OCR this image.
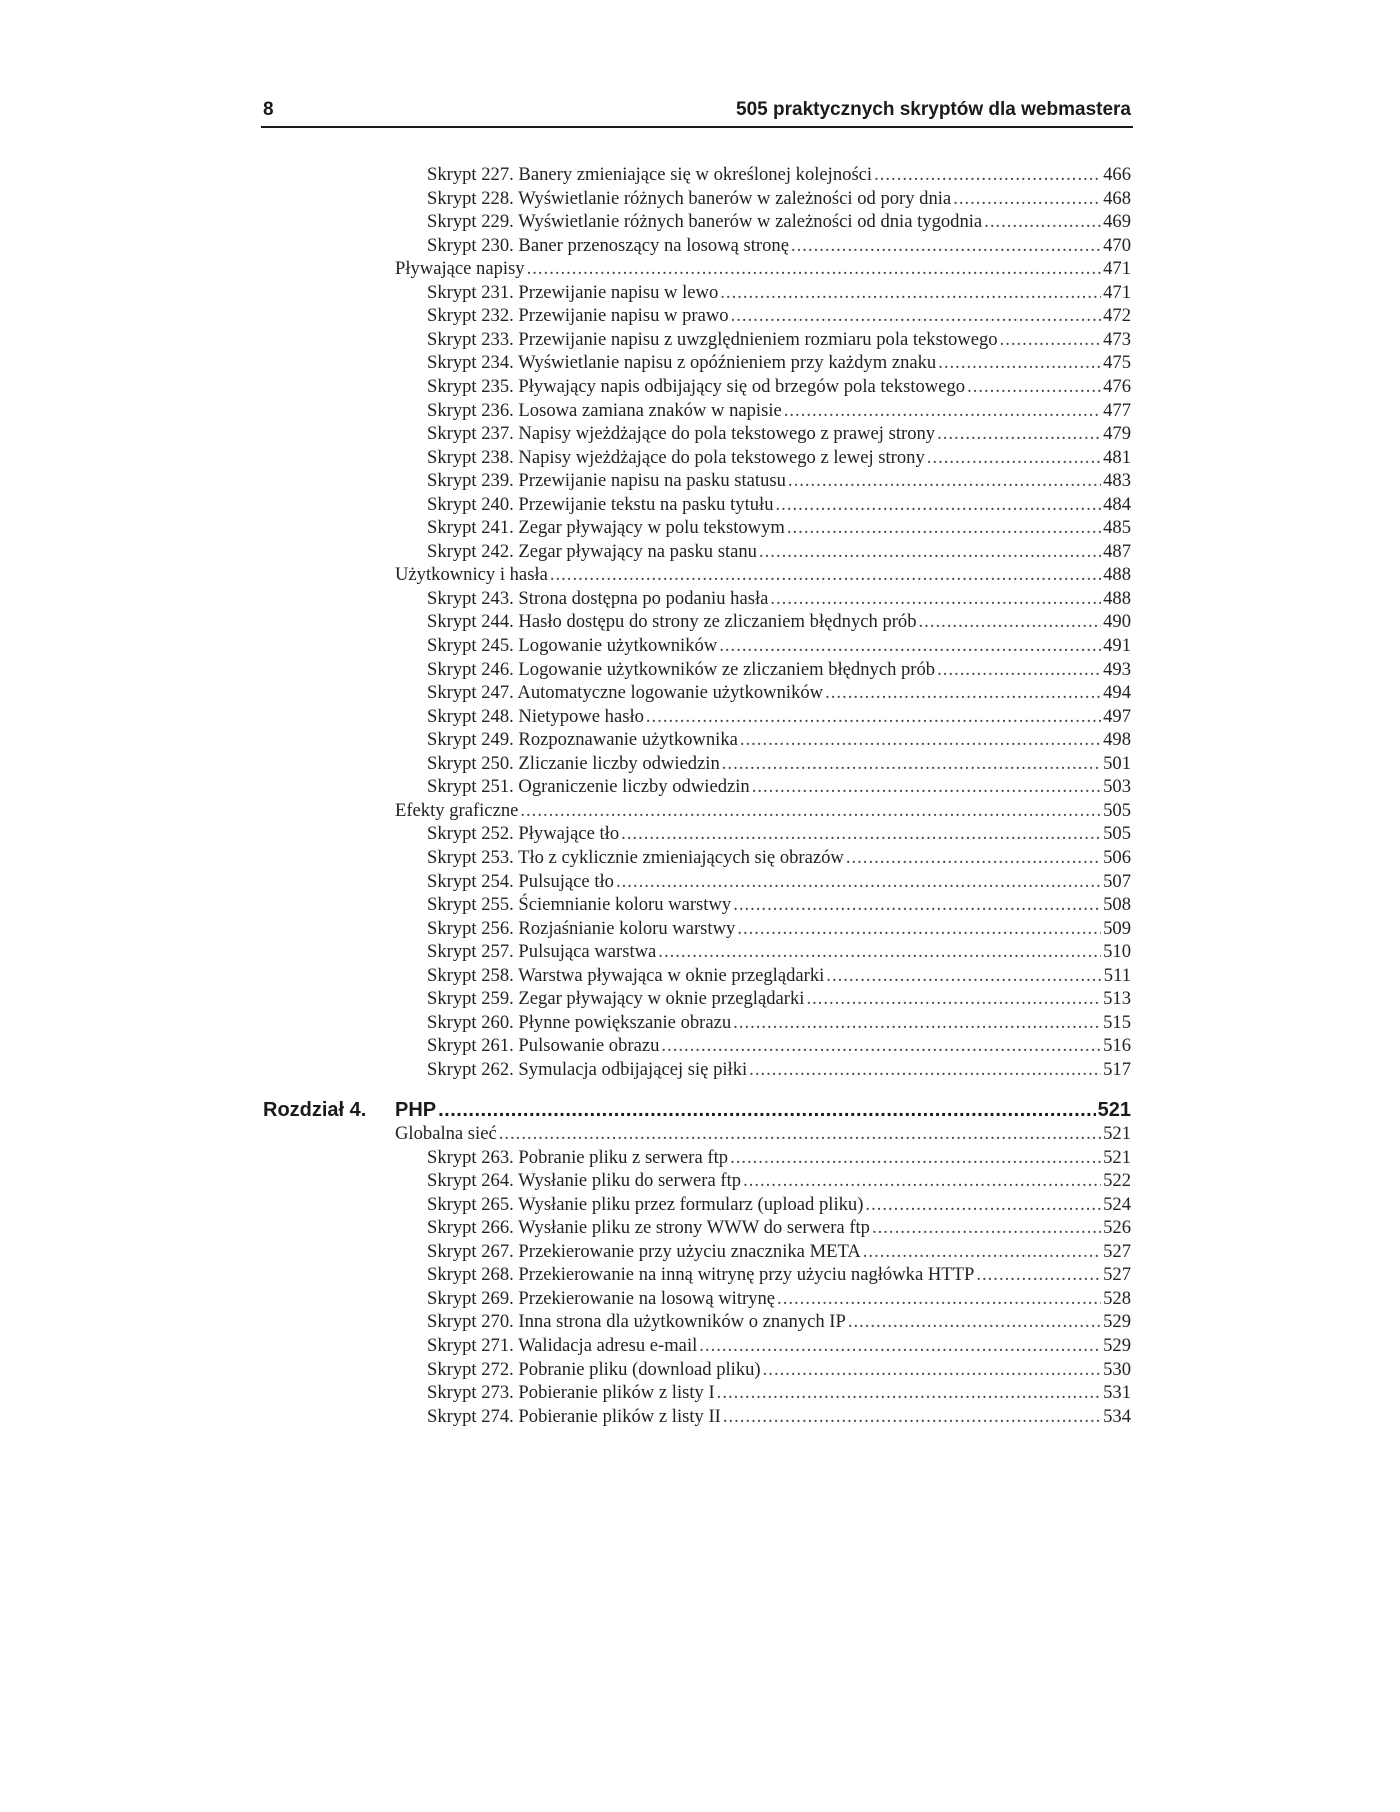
8	505 praktycznych skryptów dla webmastera
Skrypt 227. Banery zmieniające się w określonej kolejności .....	466
Skrypt 228. Wyświetlanie różnych banerów w zależności od pory dnia .....	468
Skrypt 229. Wyświetlanie różnych banerów w zależności od dnia tygodnia .....	469
Skrypt 230. Baner przenoszący na losową stronę .....	470
Pływające napisy .....	471
Skrypt 231. Przewijanie napisu w lewo .....	471
Skrypt 232. Przewijanie napisu w prawo .....	472
Skrypt 233. Przewijanie napisu z uwzględnieniem rozmiaru pola tekstowego .....	473
Skrypt 234. Wyświetlanie napisu z opóźnieniem przy każdym znaku .....	475
Skrypt 235. Pływający napis odbijający się od brzegów pola tekstowego .....	476
Skrypt 236. Losowa zamiana znaków w napisie .....	477
Skrypt 237. Napisy wjeżdżające do pola tekstowego z prawej strony .....	479
Skrypt 238. Napisy wjeżdżające do pola tekstowego z lewej strony .....	481
Skrypt 239. Przewijanie napisu na pasku statusu .....	483
Skrypt 240. Przewijanie tekstu na pasku tytułu .....	484
Skrypt 241. Zegar pływający w polu tekstowym .....	485
Skrypt 242. Zegar pływający na pasku stanu .....	487
Użytkownicy i hasła .....	488
Skrypt 243. Strona dostępna po podaniu hasła .....	488
Skrypt 244. Hasło dostępu do strony ze zliczaniem błędnych prób .....	490
Skrypt 245. Logowanie użytkowników .....	491
Skrypt 246. Logowanie użytkowników ze zliczaniem błędnych prób .....	493
Skrypt 247. Automatyczne logowanie użytkowników .....	494
Skrypt 248. Nietypowe hasło .....	497
Skrypt 249. Rozpoznawanie użytkownika .....	498
Skrypt 250. Zliczanie liczby odwiedzin .....	501
Skrypt 251. Ograniczenie liczby odwiedzin .....	503
Efekty graficzne .....	505
Skrypt 252. Pływające tło .....	505
Skrypt 253. Tło z cyklicznie zmieniających się obrazów .....	506
Skrypt 254. Pulsujące tło .....	507
Skrypt 255. Ściemnianie koloru warstwy .....	508
Skrypt 256. Rozjaśnianie koloru warstwy .....	509
Skrypt 257. Pulsująca warstwa .....	510
Skrypt 258. Warstwa pływająca w oknie przeglądarki .....	511
Skrypt 259. Zegar pływający w oknie przeglądarki .....	513
Skrypt 260. Płynne powiększanie obrazu .....	515
Skrypt 261. Pulsowanie obrazu .....	516
Skrypt 262. Symulacja odbijającej się piłki .....	517
Rozdział 4.	PHP .....	521
Globalna sieć .....	521
Skrypt 263. Pobranie pliku z serwera ftp .....	521
Skrypt 264. Wysłanie pliku do serwera ftp .....	522
Skrypt 265. Wysłanie pliku przez formularz (upload pliku) .....	524
Skrypt 266. Wysłanie pliku ze strony WWW do serwera ftp .....	526
Skrypt 267. Przekierowanie przy użyciu znacznika META .....	527
Skrypt 268. Przekierowanie na inną witrynę przy użyciu nagłówka HTTP .....	527
Skrypt 269. Przekierowanie na losową witrynę .....	528
Skrypt 270. Inna strona dla użytkowników o znanych IP .....	529
Skrypt 271. Walidacja adresu e-mail .....	529
Skrypt 272. Pobranie pliku (download pliku) .....	530
Skrypt 273. Pobieranie plików z listy I .....	531
Skrypt 274. Pobieranie plików z listy II .....	534
